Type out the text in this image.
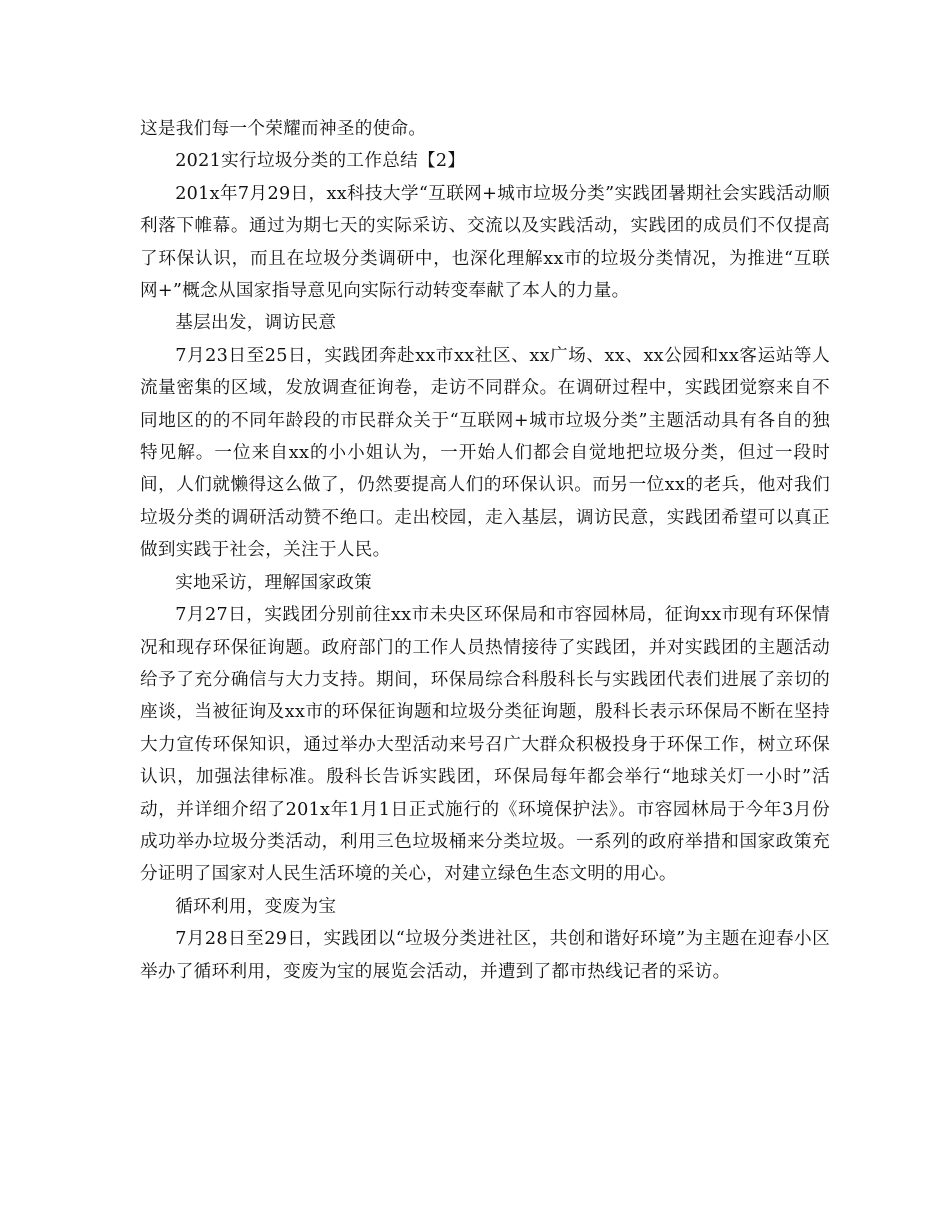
这是我们每一个荣耀而神圣的使命。

2021实行垃圾分类的工作总结【2】

201x年7月29日，xx科技大学“互联网+城市垃圾分类”实践团暑期社会实践活动顺利落下帷幕。通过为期七天的实际采访、交流以及实践活动，实践团的成员们不仅提高了环保认识，而且在垃圾分类调研中，也深化理解xx市的垃圾分类情况，为推进“互联网+”概念从国家指导意见向实际行动转变奉献了本人的力量。

基层出发，调访民意

7月23日至25日，实践团奔赴xx市xx社区、xx广场、xx、xx公园和xx客运站等人流量密集的区域，发放调查征询卷，走访不同群众。在调研过程中，实践团觉察来自不同地区的的不同年龄段的市民群众关于“互联网+城市垃圾分类”主题活动具有各自的独特见解。一位来自xx的小小姐认为，一开始人们都会自觉地把垃圾分类，但过一段时间，人们就懒得这么做了，仍然要提高人们的环保认识。而另一位xx的老兵，他对我们垃圾分类的调研活动赞不绝口。走出校园，走入基层，调访民意，实践团希望可以真正做到实践于社会，关注于人民。

实地采访，理解国家政策

7月27日，实践团分别前往xx市未央区环保局和市容园林局，征询xx市现有环保情况和现存环保征询题。政府部门的工作人员热情接待了实践团，并对实践团的主题活动给予了充分确信与大力支持。期间，环保局综合科殷科长与实践团代表们进展了亲切的座谈，当被征询及xx市的环保征询题和垃圾分类征询题，殷科长表示环保局不断在坚持大力宣传环保知识，通过举办大型活动来号召广大群众积极投身于环保工作，树立环保认识，加强法律标准。殷科长告诉实践团，环保局每年都会举行“地球关灯一小时”活动，并详细介绍了201x年1月1日正式施行的《环境保护法》。市容园林局于今年3月份成功举办垃圾分类活动，利用三色垃圾桶来分类垃圾。一系列的政府举措和国家政策充分证明了国家对人民生活环境的关心，对建立绿色生态文明的用心。

循环利用，变废为宝

7月28日至29日，实践团以“垃圾分类进社区，共创和谐好环境”为主题在迎春小区举办了循环利用，变废为宝的展览会活动，并遭到了都市热线记者的采访。
